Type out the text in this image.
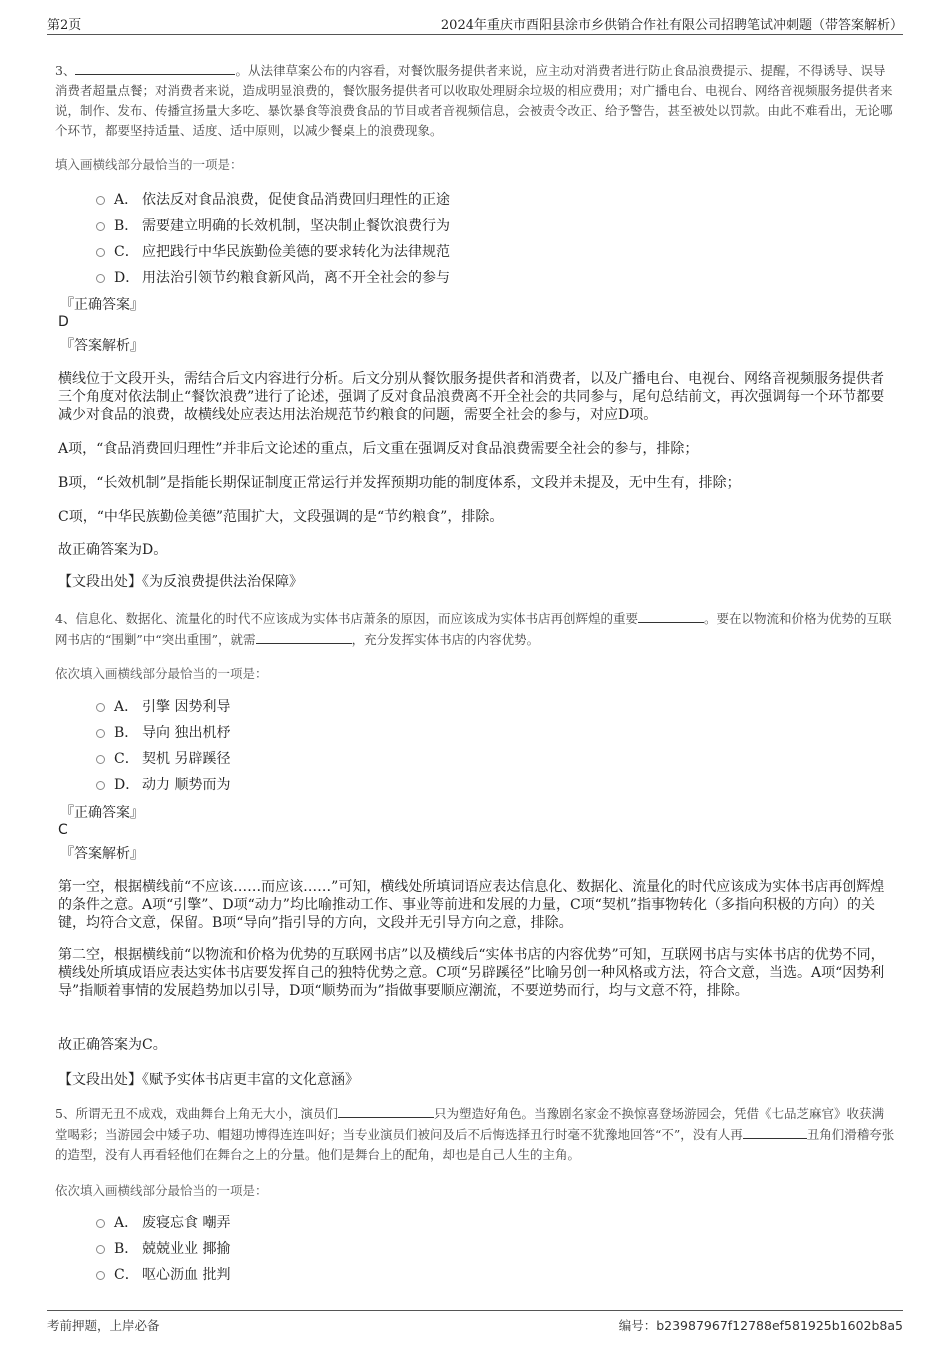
第2页	2024年重庆市酉阳县涂市乡供销合作社有限公司招聘笔试冲刺题（带答案解析）
3、	。从法律草案公布的内容看，对餐饮服务提供者来说，应主动对消费者进行防止食品浪费提示、提醒，不得诱导、误导消费者超量点餐；对消费者来说，造成明显浪费的，餐饮服务提供者可以收取处理厨余垃圾的相应费用；对广播电台、电视台、网络音视频服务提供者来说，制作、发布、传播宣扬量大多吃、暴饮暴食等浪费食品的节目或者音视频信息，会被责令改正、给予警告，甚至被处以罚款。由此不难看出，无论哪个环节，都要坚持适量、适度、适中原则，以减少餐桌上的浪费现象。
填入画横线部分最恰当的一项是：
A． 依法反对食品浪费，促使食品消费回归理性的正途
B． 需要建立明确的长效机制，坚决制止餐饮浪费行为
C． 应把践行中华民族勤俭美德的要求转化为法律规范
D． 用法治引领节约粮食新风尚，离不开全社会的参与
『正确答案』
D
『答案解析』
横线位于文段开头，需结合后文内容进行分析。后文分别从餐饮服务提供者和消费者，以及广播电台、电视台、网络音视频服务提供者三个角度对依法制止“餐饮浪费”进行了论述，强调了反对食品浪费离不开全社会的共同参与，尾句总结前文，再次强调每一个环节都要减少对食品的浪费，故横线处应表达用法治规范节约粮食的问题，需要全社会的参与，对应D项。
A项，“食品消费回归理性”并非后文论述的重点，后文重在强调反对食品浪费需要全社会的参与，排除；
B项，“长效机制”是指能长期保证制度正常运行并发挥预期功能的制度体系，文段并未提及，无中生有，排除；
C项，“中华民族勤俭美德”范围扩大，文段强调的是“节约粮食”，排除。
故正确答案为D。
【文段出处】《为反浪费提供法治保障》
4、信息化、数据化、流量化的时代不应该成为实体书店萧条的原因，而应该成为实体书店再创辉煌的重要	。要在以物流和价格为优势的互联网书店的“围剿”中“突出重围”，就需	，充分发挥实体书店的内容优势。
依次填入画横线部分最恰当的一项是：
A． 引擎 因势利导
B． 导向 独出机杼
C． 契机 另辟蹊径
D． 动力 顺势而为
『正确答案』
C
『答案解析』
第一空，根据横线前“不应该……而应该……”可知，横线处所填词语应表达信息化、数据化、流量化的时代应该成为实体书店再创辉煌的条件之意。A项“引擎”、D项“动力”均比喻推动工作、事业等前进和发展的力量，C项“契机”指事物转化（多指向积极的方向）的关键，均符合文意，保留。B项“导向”指引导的方向，文段并无引导方向之意，排除。
第二空，根据横线前“以物流和价格为优势的互联网书店”以及横线后“实体书店的内容优势”可知，互联网书店与实体书店的优势不同，横线处所填成语应表达实体书店要发挥自己的独特优势之意。C项“另辟蹊径”比喻另创一种风格或方法，符合文意，当选。A项“因势利导”指顺着事情的发展趋势加以引导，D项“顺势而为”指做事要顺应潮流，不要逆势而行，均与文意不符，排除。
故正确答案为C。
【文段出处】《赋予实体书店更丰富的文化意涵》
5、所谓无丑不成戏，戏曲舞台上角无大小，演员们	只为塑造好角色。当豫剧名家金不换惊喜登场游园会，凭借《七品芝麻官》收获满堂喝彩；当游园会中矮子功、帽翅功博得连连叫好；当专业演员们被问及后不后悔选择丑行时毫不犹豫地回答“不”，没有人再	丑角们滑稽夸张的造型，没有人再看轻他们在舞台之上的分量。他们是舞台上的配角，却也是自己人生的主角。
依次填入画横线部分最恰当的一项是：
A． 废寝忘食 嘲弄
B． 兢兢业业 揶揄
C． 呕心沥血 批判
考前押题，上岸必备	编号：b23987967f12788ef581925b1602b8a5
